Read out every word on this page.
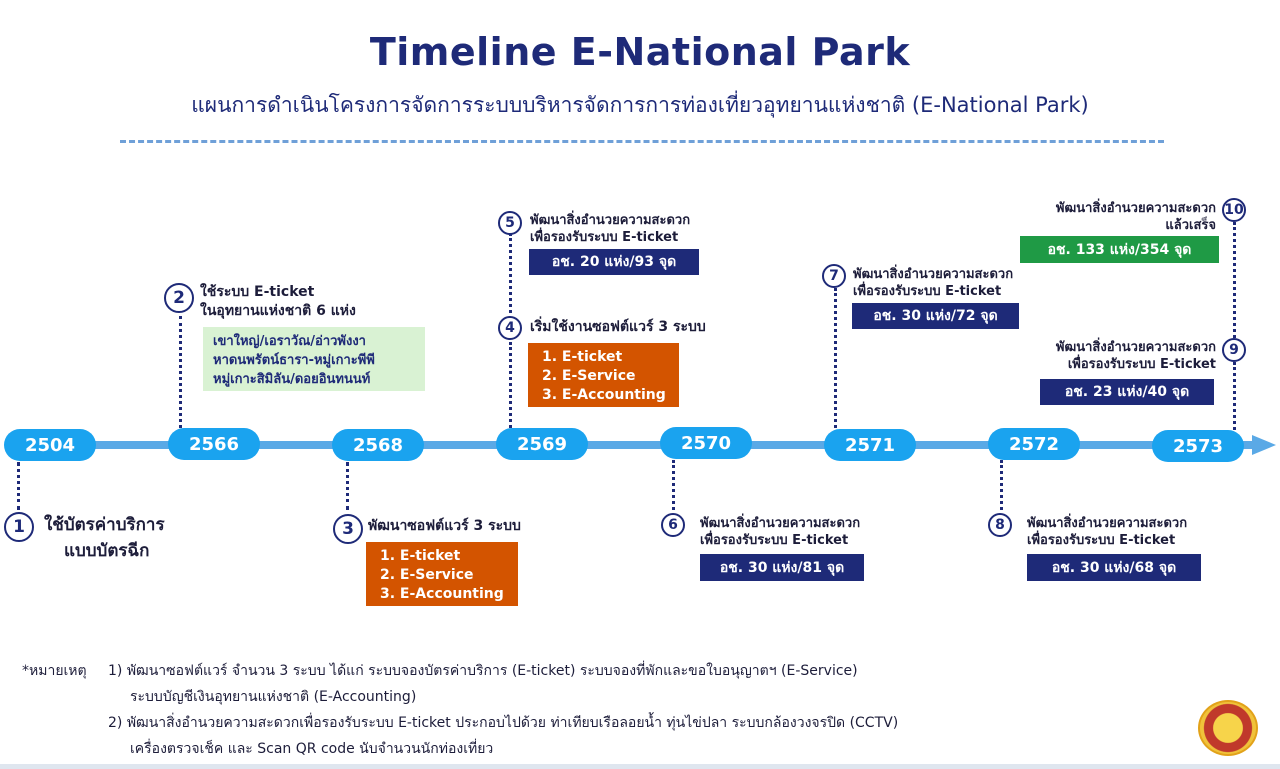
Timeline E-National Park
แผนการดำเนินโครงการจัดการระบบบริหารจัดการการท่องเที่ยวอุทยานแห่งชาติ (E-National Park)
2504	2566	2568	2569	2570	2571	2572	2573
1	ใช้บัตรค่าบริการ
แบบบัตรฉีก
2	ใช้ระบบ E-ticket
ในอุทยานแห่งชาติ 6 แห่ง
เขาใหญ่/เอราวัณ/อ่าวพังงา
หาดนพรัตน์ธารา-หมู่เกาะพีพี
หมู่เกาะสิมิลัน/ดอยอินทนนท์
3	พัฒนาซอฟต์แวร์ 3 ระบบ
1. E-ticket
2. E-Service
3. E-Accounting
4	เริ่มใช้งานซอฟต์แวร์ 3 ระบบ
1. E-ticket
2. E-Service
3. E-Accounting
5	พัฒนาสิ่งอำนวยความสะดวก
เพื่อรองรับระบบ E-ticket
อช. 20 แห่ง/93 จุด
6	พัฒนาสิ่งอำนวยความสะดวก
เพื่อรองรับระบบ E-ticket
อช. 30 แห่ง/81 จุด
7	พัฒนาสิ่งอำนวยความสะดวก
เพื่อรองรับระบบ E-ticket
อช. 30 แห่ง/72 จุด
8	พัฒนาสิ่งอำนวยความสะดวก
เพื่อรองรับระบบ E-ticket
อช. 30 แห่ง/68 จุด
9
พัฒนาสิ่งอำนวยความสะดวก
เพื่อรองรับระบบ E-ticket
อช. 23 แห่ง/40 จุด
10
พัฒนาสิ่งอำนวยความสะดวก
แล้วเสร็จ
อช. 133 แห่ง/354 จุด
*หมายเหตุ 1) พัฒนาซอฟต์แวร์ จำนวน 3 ระบบ ได้แก่ ระบบจองบัตรค่าบริการ (E-ticket) ระบบจองที่พักและขอใบอนุญาตฯ (E-Service)
ระบบบัญชีเงินอุทยานแห่งชาติ (E-Accounting)
2) พัฒนาสิ่งอำนวยความสะดวกเพื่อรองรับระบบ E-ticket ประกอบไปด้วย ท่าเทียบเรือลอยน้ำ ทุ่นไข่ปลา ระบบกล้องวงจรปิด (CCTV)
เครื่องตรวจเช็ค และ Scan QR code นับจำนวนนักท่องเที่ยว
